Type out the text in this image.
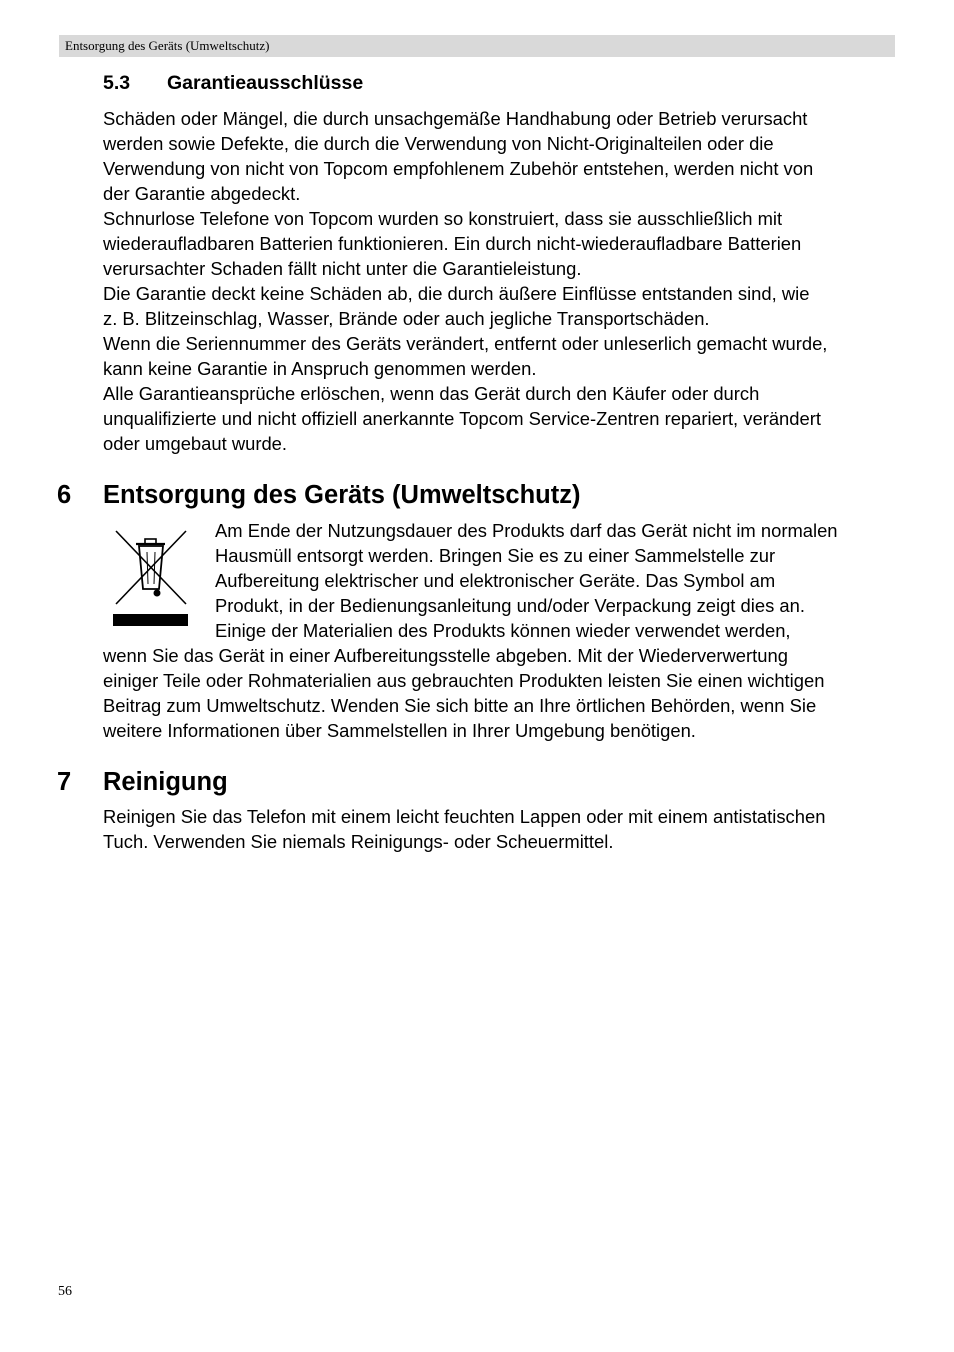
Entsorgung des Geräts (Umweltschutz)
5.3 Garantieausschlüsse
Schäden oder Mängel, die durch unsachgemäße Handhabung oder Betrieb verursacht
werden sowie Defekte, die durch die Verwendung von Nicht-Originalteilen oder die
Verwendung von nicht von Topcom empfohlenem Zubehör entstehen, werden nicht von
der Garantie abgedeckt.
Schnurlose Telefone von Topcom wurden so konstruiert, dass sie ausschließlich mit
wiederaufladbaren Batterien funktionieren. Ein durch nicht-wiederaufladbare Batterien
verursachter Schaden fällt nicht unter die Garantieleistung.
Die Garantie deckt keine Schäden ab, die durch äußere Einflüsse entstanden sind, wie
z. B. Blitzeinschlag, Wasser, Brände oder auch jegliche Transportschäden.
Wenn die Seriennummer des Geräts verändert, entfernt oder unleserlich gemacht wurde,
kann keine Garantie in Anspruch genommen werden.
Alle Garantieansprüche erlöschen, wenn das Gerät durch den Käufer oder durch
unqualifizierte und nicht offiziell anerkannte Topcom Service-Zentren repariert, verändert
oder umgebaut wurde.
6 Entsorgung des Geräts (Umweltschutz)
Am Ende der Nutzungsdauer des Produkts darf das Gerät nicht im normalen
Hausmüll entsorgt werden. Bringen Sie es zu einer Sammelstelle zur
Aufbereitung elektrischer und elektronischer Geräte. Das Symbol am
Produkt, in der Bedienungsanleitung und/oder Verpackung zeigt dies an.
Einige der Materialien des Produkts können wieder verwendet werden,
wenn Sie das Gerät in einer Aufbereitungsstelle abgeben. Mit der Wiederverwertung
einiger Teile oder Rohmaterialien aus gebrauchten Produkten leisten Sie einen wichtigen
Beitrag zum Umweltschutz. Wenden Sie sich bitte an Ihre örtlichen Behörden, wenn Sie
weitere Informationen über Sammelstellen in Ihrer Umgebung benötigen.
7 Reinigung
Reinigen Sie das Telefon mit einem leicht feuchten Lappen oder mit einem antistatischen
Tuch. Verwenden Sie niemals Reinigungs- oder Scheuermittel.
56
